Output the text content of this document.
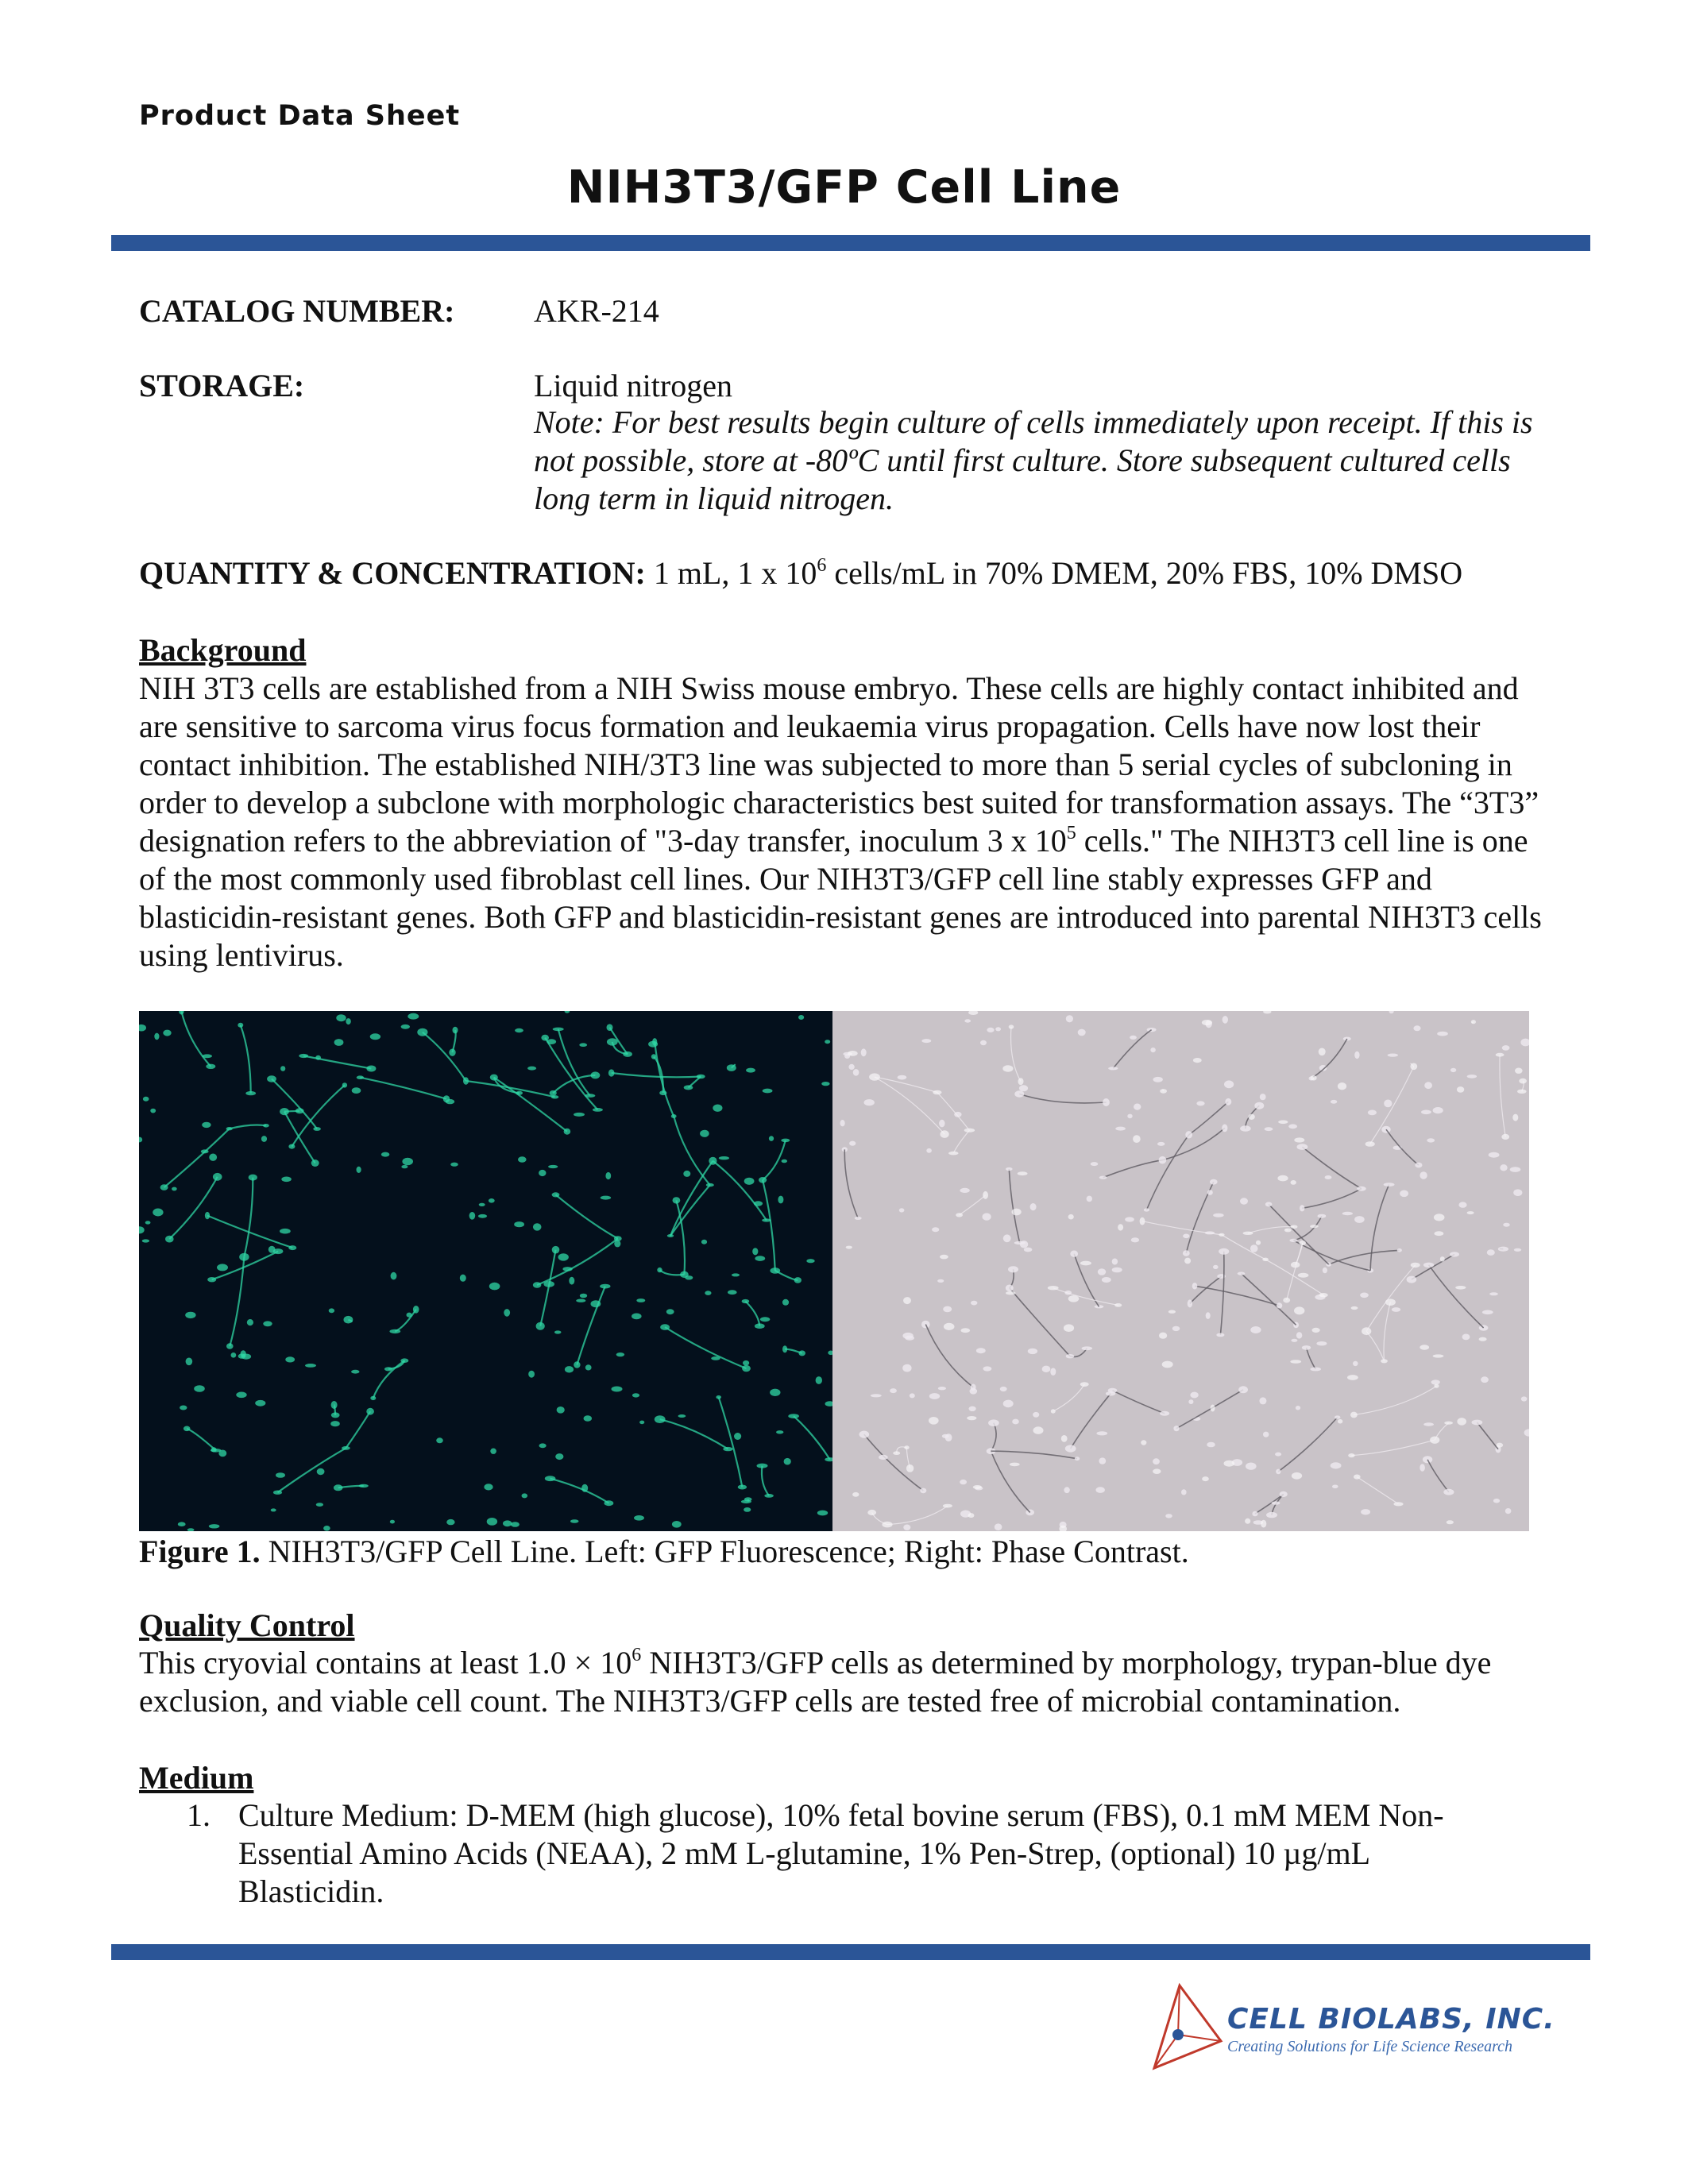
Product Data Sheet
NIH3T3/GFP Cell Line
CATALOG NUMBER: AKR-214
STORAGE:	Liquid nitrogen
Note: For best results begin culture of cells immediately upon receipt. If this is not possible, store at -80ºC until first culture. Store subsequent cultured cells long term in liquid nitrogen.
QUANTITY & CONCENTRATION: 1 mL, 1 x $10^6$ cells/mL in 70% DMEM, 20% FBS, 10% DMSO
Background
NIH 3T3 cells are established from a NIH Swiss mouse embryo. These cells are highly contact inhibited and are sensitive to sarcoma virus focus formation and leukaemia virus propagation. Cells have now lost their contact inhibition. The established NIH/3T3 line was subjected to more than 5 serial cycles of subcloning in order to develop a subclone with morphologic characteristics best suited for transformation assays. The “3T3” designation refers to the abbreviation of "3-day transfer, inoculum 3 x $10^5$ cells." The NIH3T3 cell line is one of the most commonly used fibroblast cell lines. Our NIH3T3/GFP cell line stably expresses GFP and blasticidin-resistant genes. Both GFP and blasticidin-resistant genes are introduced into parental NIH3T3 cells using lentivirus.
Figure 1. NIH3T3/GFP Cell Line. Left: GFP Fluorescence; Right: Phase Contrast.
Quality Control
This cryovial contains at least $1.0 \times 10^6$ NIH3T3/GFP cells as determined by morphology, trypan-blue dye exclusion, and viable cell count. The NIH3T3/GFP cells are tested free of microbial contamination.
Medium
1. Culture Medium: D-MEM (high glucose), 10% fetal bovine serum (FBS), 0.1 mM MEM Non-Essential Amino Acids (NEAA), 2 mM L-glutamine, 1% Pen-Strep, (optional) 10 µg/mL Blasticidin.
CELL BIOLABS, INC.
Creating Solutions for Life Science Research
